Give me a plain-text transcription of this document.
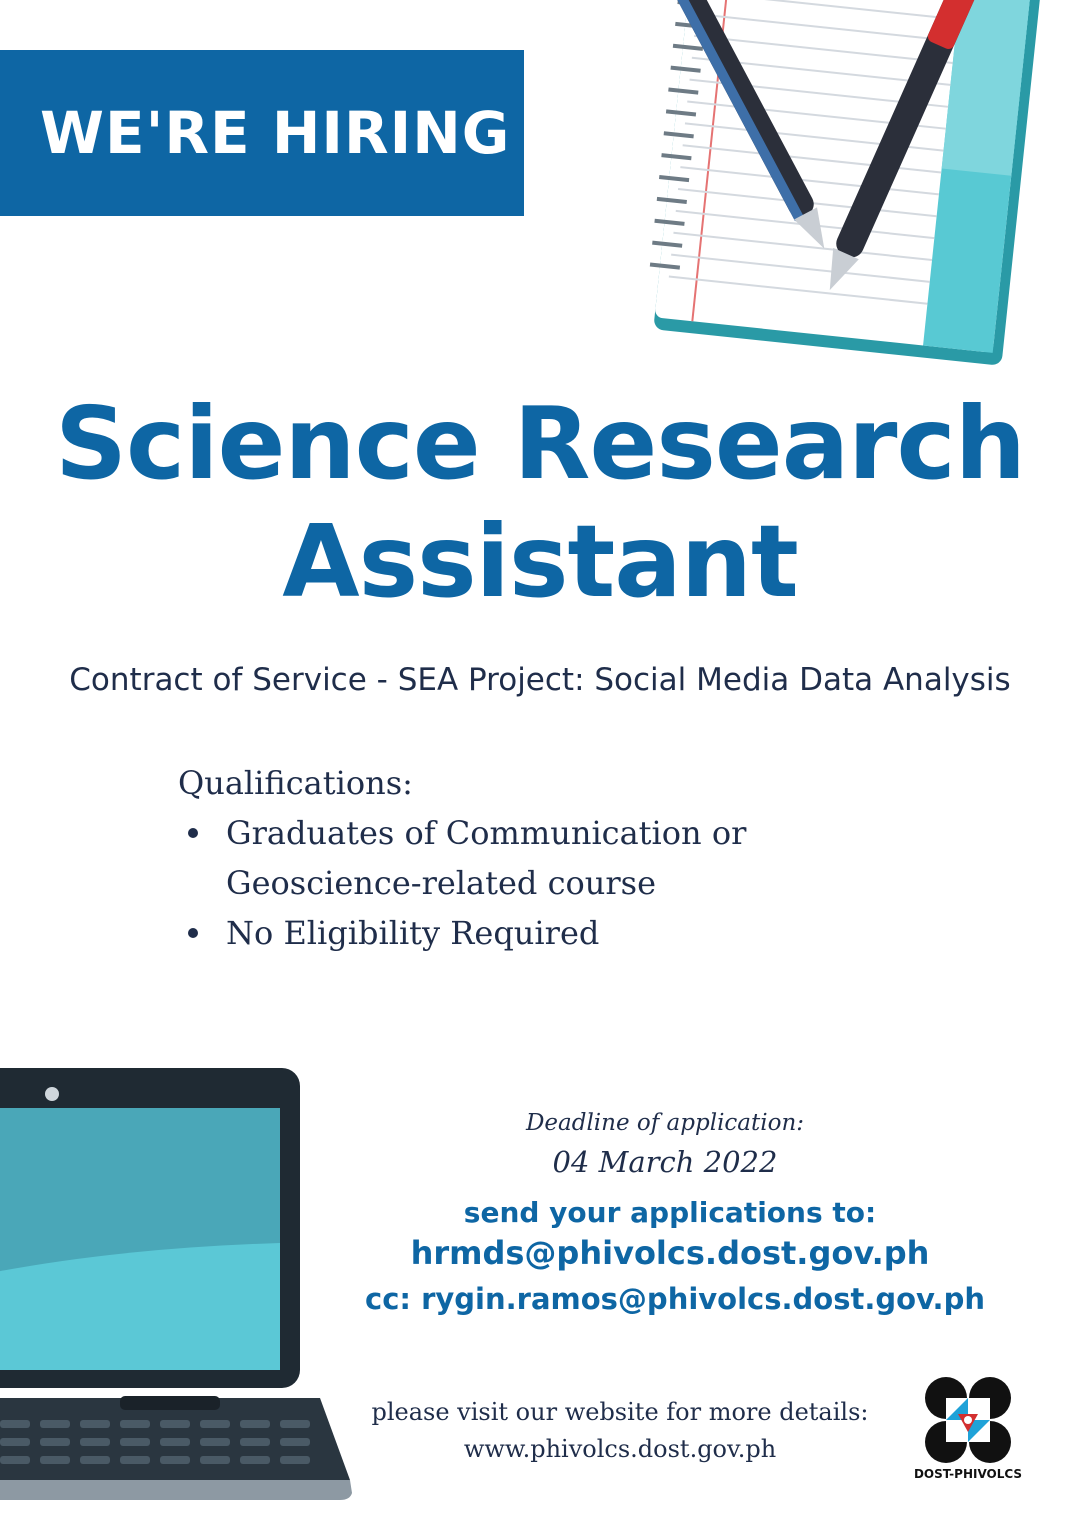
WE'RE HIRING
Science Research
Assistant
Contract of Service - SEA Project: Social Media Data Analysis
Qualifications:
Graduates of Communication or
Geoscience-related course
No Eligibility Required
Deadline of application:
04 March 2022
send your applications to:
hrmds@phivolcs.dost.gov.ph
cc: rygin.ramos@phivolcs.dost.gov.ph
please visit our website for more details:
www.phivolcs.dost.gov.ph
DOST-PHIVOLCS
